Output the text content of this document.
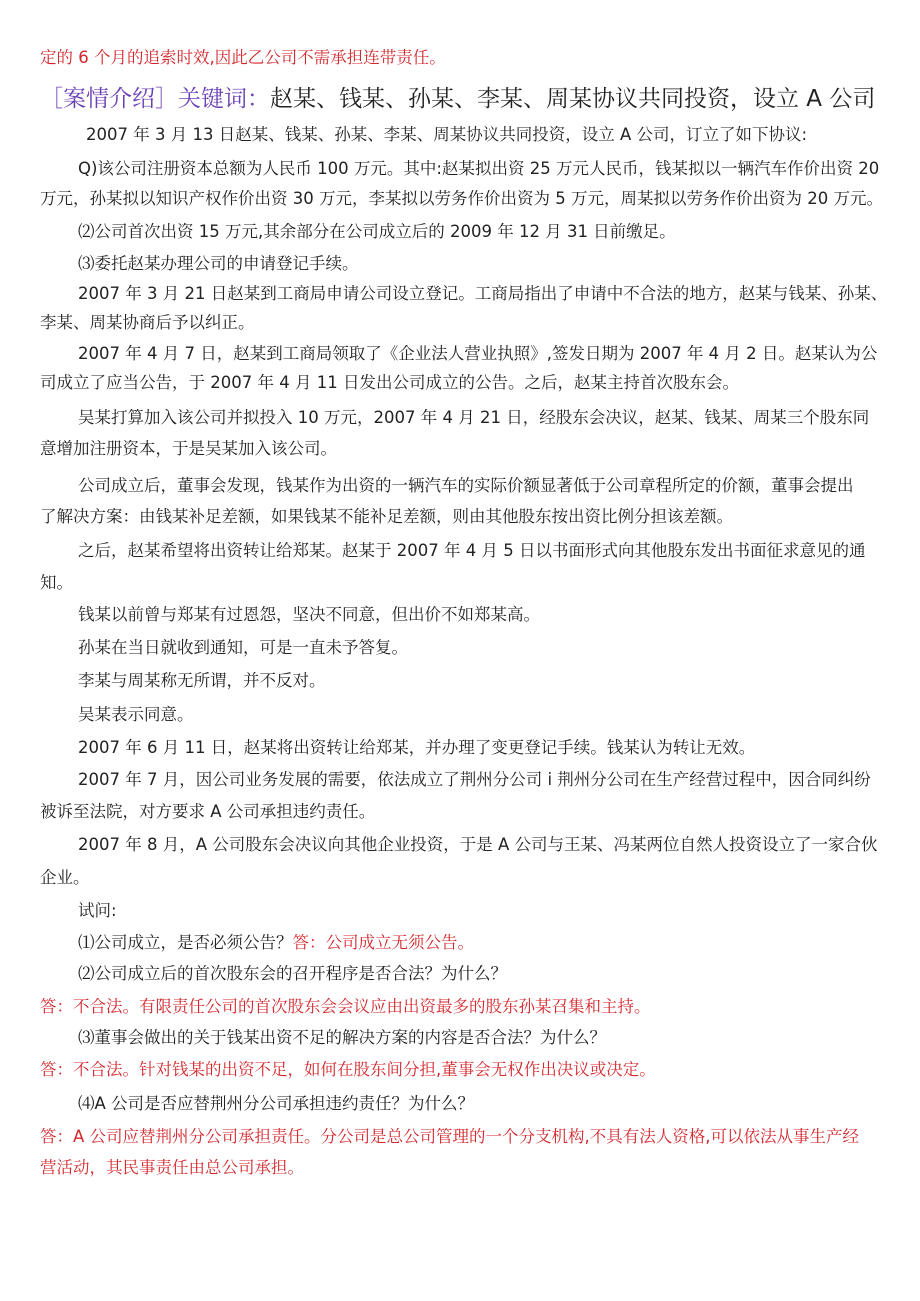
定的 6 个月的追索时效,因此乙公司不需承担连带责任。
［案情介绍］关键词：赵某、钱某、孙某、李某、周某协议共同投资，设立 A 公司
2007 年 3 月 13 日赵某、钱某、孙某、李某、周某协议共同投资，设立 A 公司，订立了如下协议:
Q)该公司注册资本总额为人民币 100 万元。其中:赵某拟出资 25 万元人民币，钱某拟以一辆汽车作价出资 20
万元，孙某拟以知识产权作价出资 30 万元，李某拟以劳务作价出资为 5 万元，周某拟以劳务作价出资为 20 万元。
⑵公司首次出资 15 万元,其余部分在公司成立后的 2009 年 12 月 31 日前缴足。
⑶委托赵某办理公司的申请登记手续。
2007 年 3 月 21 日赵某到工商局申请公司设立登记。工商局指出了申请中不合法的地方，赵某与钱某、孙某、
李某、周某协商后予以纠正。
2007 年 4 月 7 日，赵某到工商局领取了《企业法人营业执照》,签发日期为 2007 年 4 月 2 日。赵某认为公
司成立了应当公告，于 2007 年 4 月 11 日发出公司成立的公告。之后，赵某主持首次股东会。
吴某打算加入该公司并拟投入 10 万元，2007 年 4 月 21 日，经股东会决议，赵某、钱某、周某三个股东同
意增加注册资本，于是吴某加入该公司。
公司成立后，董事会发现，钱某作为出资的一辆汽车的实际价额显著低于公司章程所定的价额，董事会提出
了解决方案：由钱某补足差额，如果钱某不能补足差额，则由其他股东按出资比例分担该差额。
之后，赵某希望将出资转让给郑某。赵某于 2007 年 4 月 5 日以书面形式向其他股东发出书面征求意见的通
知。
钱某以前曾与郑某有过恩怨，坚决不同意，但出价不如郑某高。
孙某在当日就收到通知，可是一直未予答复。
李某与周某称无所谓，并不反对。
吴某表示同意。
2007 年 6 月 11 日，赵某将出资转让给郑某，并办理了变更登记手续。钱某认为转让无效。
2007 年 7 月，因公司业务发展的需要，依法成立了荆州分公司 i 荆州分公司在生产经营过程中，因合同纠纷
被诉至法院，对方要求 A 公司承担违约责任。
2007 年 8 月，A 公司股东会决议向其他企业投资，于是 A 公司与王某、冯某两位自然人投资设立了一家合伙
企业。
试问:
⑴公司成立，是否必须公告？答：公司成立无须公告。
⑵公司成立后的首次股东会的召开程序是否合法？为什么？
答：不合法。有限责任公司的首次股东会会议应由出资最多的股东孙某召集和主持。
⑶董事会做出的关于钱某出资不足的解决方案的内容是否合法？为什么？
答：不合法。针对钱某的出资不足，如何在股东间分担,董事会无权作出决议或决定。
⑷A 公司是否应替荆州分公司承担违约责任？为什么？
答：A 公司应替荆州分公司承担责任。分公司是总公司管理的一个分支机构,不具有法人资格,可以依法从事生产经
营活动，其民事责任由总公司承担。
